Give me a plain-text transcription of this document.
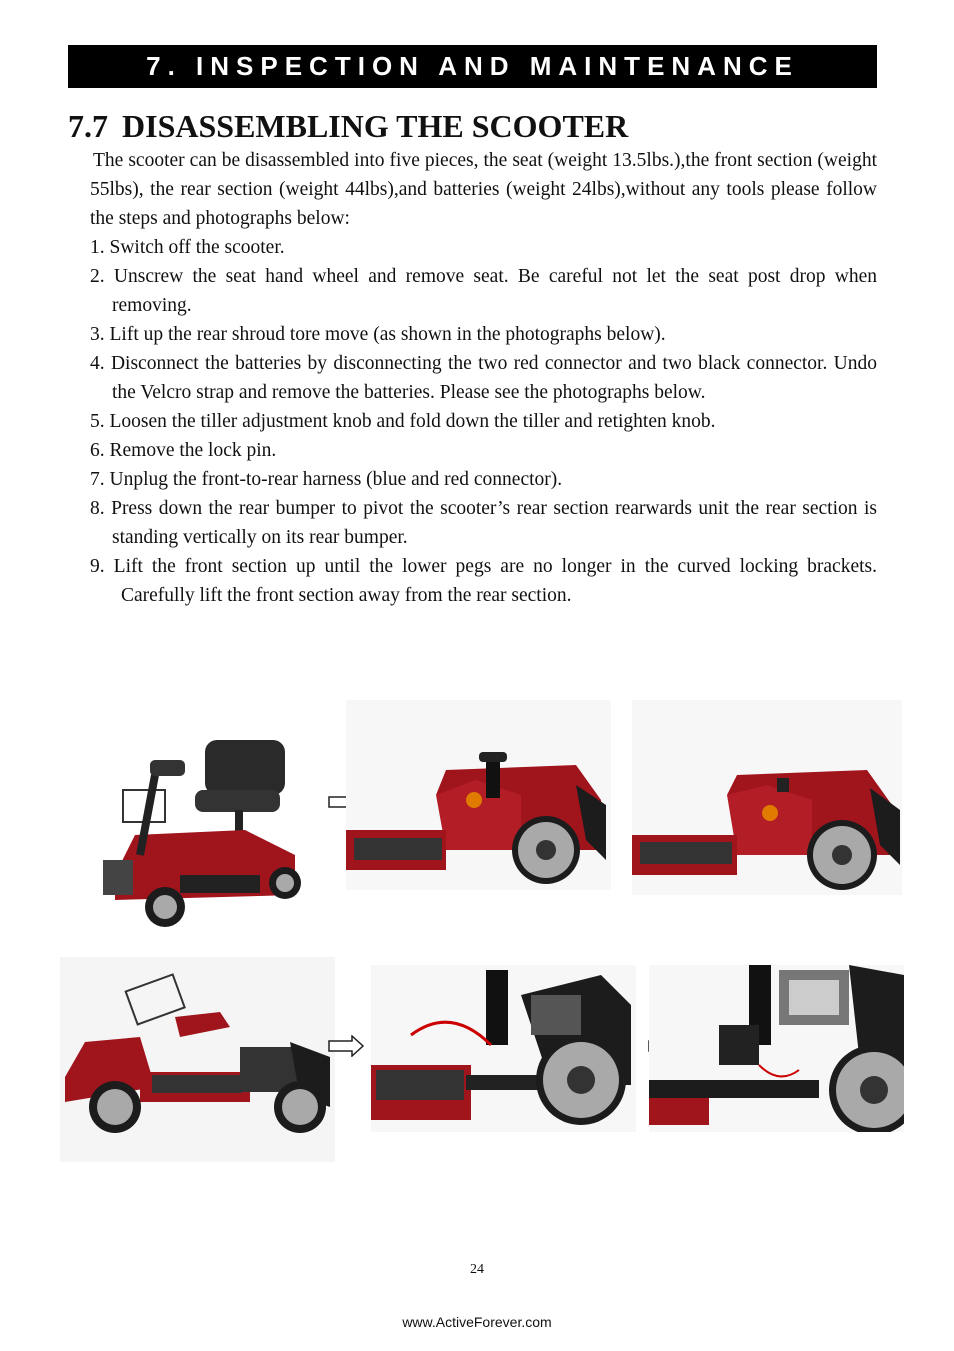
7. INSPECTION AND MAINTENANCE
7.7 DISASSEMBLING THE SCOOTER

The scooter can be disassembled into five pieces, the seat (weight 13.5lbs.),the front section (weight 55lbs), the rear section (weight 44lbs),and batteries (weight 24lbs),without any tools please follow the steps and photographs below:

1. Switch off the scooter.
2. Unscrew the seat hand wheel and remove seat. Be careful not let the seat post drop when removing.
3. Lift up the rear shroud tore move (as shown in the photographs below).
4. Disconnect the batteries by disconnecting the two red connector and two black connector. Undo the Velcro strap and remove the batteries. Please see the photographs below.
5. Loosen the tiller adjustment knob and fold down the tiller and retighten knob.
6. Remove the lock pin.
7. Unplug the front-to-rear harness (blue and red connector).
8. Press down the rear bumper to pivot the scooter’s rear section rearwards unit the rear section is standing vertically on its rear bumper.
9. Lift the front section up until the lower pegs are no longer in the curved locking brackets. Carefully lift the front section away from the rear section.
24
www.ActiveForever.com
